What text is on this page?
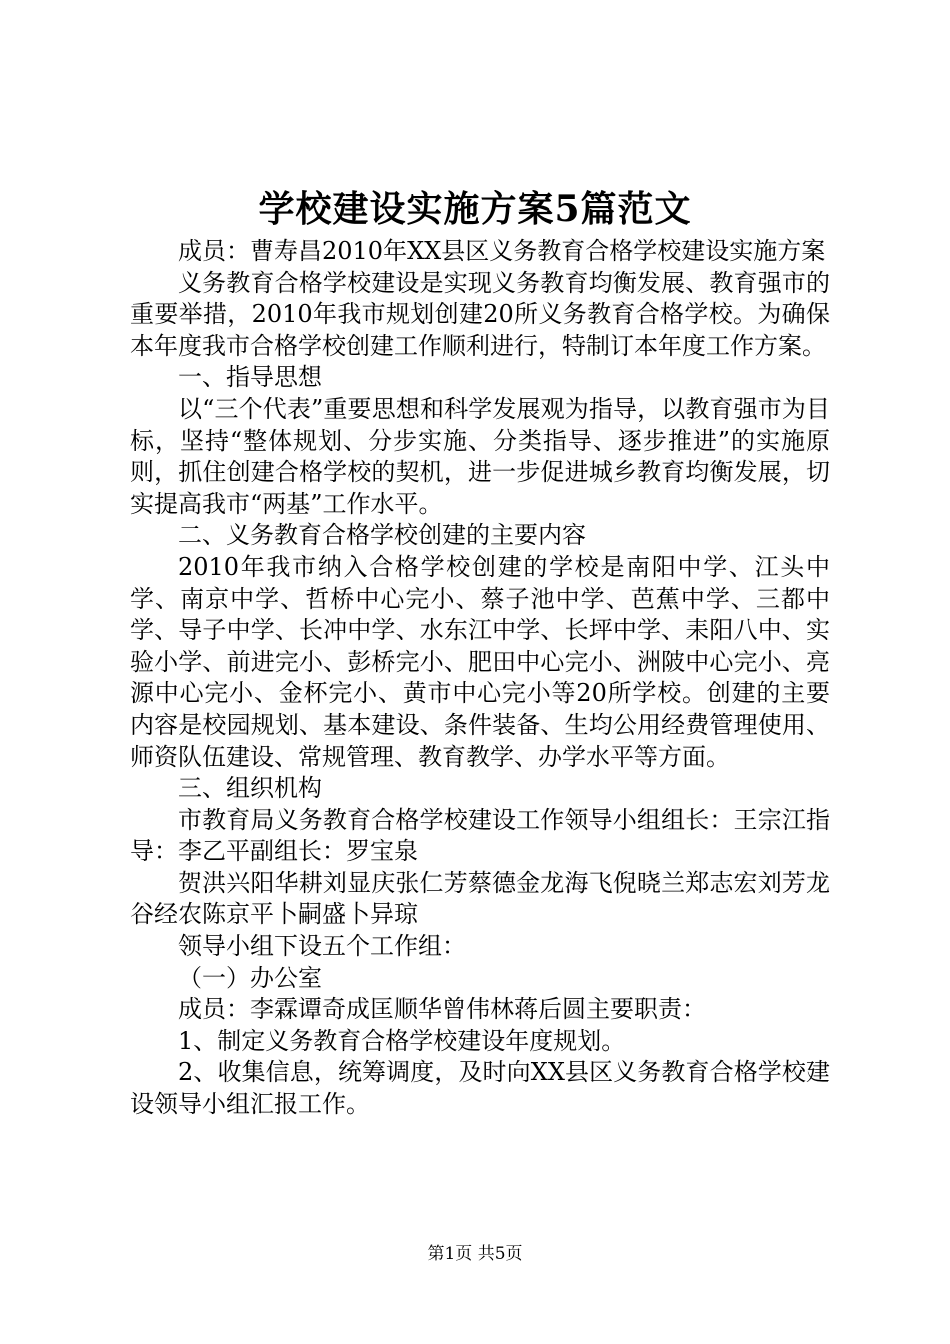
学校建设实施方案5篇范文

成员：曹寿昌2010年XX县区义务教育合格学校建设实施方案

义务教育合格学校建设是实现义务教育均衡发展、教育强市的重要举措，2010年我市规划创建20所义务教育合格学校。为确保本年度我市合格学校创建工作顺利进行，特制订本年度工作方案。

一、指导思想

以“三个代表”重要思想和科学发展观为指导，以教育强市为目标，坚持“整体规划、分步实施、分类指导、逐步推进”的实施原则，抓住创建合格学校的契机，进一步促进城乡教育均衡发展，切实提高我市“两基”工作水平。

二、义务教育合格学校创建的主要内容

2010年我市纳入合格学校创建的学校是南阳中学、江头中学、南京中学、哲桥中心完小、蔡子池中学、芭蕉中学、三都中学、导子中学、长冲中学、水东江中学、长坪中学、耒阳八中、实验小学、前进完小、彭桥完小、肥田中心完小、洲陂中心完小、亮源中心完小、金杯完小、黄市中心完小等20所学校。创建的主要内容是校园规划、基本建设、条件装备、生均公用经费管理使用、师资队伍建设、常规管理、教育教学、办学水平等方面。

三、组织机构

市教育局义务教育合格学校建设工作领导小组组长：王宗江指导：李乙平副组长：罗宝泉

贺洪兴阳华耕刘显庆张仁芳蔡德金龙海飞倪晓兰郑志宏刘芳龙谷经农陈京平卜嗣盛卜异琼

领导小组下设五个工作组：

（一）办公室

成员：李霖谭奇成匡顺华曾伟林蒋后圆主要职责：

1、制定义务教育合格学校建设年度规划。

2、收集信息，统筹调度，及时向XX县区义务教育合格学校建设领导小组汇报工作。

第1页 共5页
